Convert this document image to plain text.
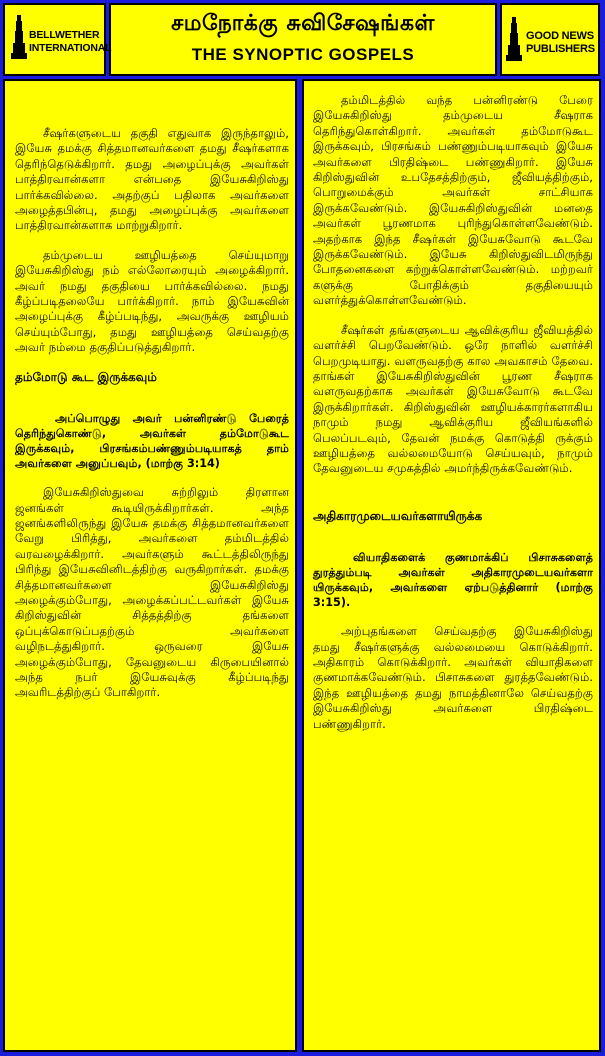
BELLWETHER
INTERNATIONAL
சமநோக்கு சுவிசேஷங்கள்
THE SYNOPTIC GOSPELS
GOOD NEWS
PUBLISHERS

சீஷர்களுடைய தகுதி எதுவாக இருந்தாலும், இயேசு தமக்கு சித்தமானவர்களை தமது சீஷர்களாக தெரிந்தெடுக்கிறார். தமது அழைப்புக்கு அவர்கள் பாத்திரவான்களா என்பதை இயேசுகிறிஸ்து பார்க்கவில்லை. அதற்குப் பதிலாக அவர்களை அழைத்தபின்பு, தமது அழைப்புக்கு அவர்களை பாத்திரவான்களாக மாற்றுகிறார்.

தம்முடைய ஊழியத்தை செய்யுமாறு இயேசுகிறிஸ்து நம் எல்லோரையும் அழைக்கிறார். அவர் நமது தகுதியை பார்க்கவில்லை. நமது கீழ்ப்படிதலையே பார்க்கிறார். நாம் இயேசுவின் அழைப்புக்கு கீழ்ப்படிந்து, அவருக்கு ஊழியம் செய்யும்போது, தமது ஊழியத்தை செய்வதற்கு அவர் நம்மை தகுதிப்படுத்துகிறார்.

தம்மோடு கூட இருக்கவும்

அப்பொழுது அவர் பன்னிரண்டு பேரைத் தெரிந்துகொண்டு, அவர்கள் தம்மோடுகூட இருக்கவும், பிரசங்கம்பண்ணும்படியாகத் தாம் அவர்களை அனுப்பவும், (மாற்கு 3:14)

இயேசுகிறிஸ்துவை சுற்றிலும் திரளான ஜனங்கள் கூடியிருக்கிறார்கள். அந்த ஜனங்களிலிருந்து இயேசு தமக்கு சித்தமானவர்களை வேறு பிரித்து, அவர்களை தம்மிடத்தில் வரவழைக்கிறார். அவர்களும் கூட்டத்திலிருந்து பிரிந்து இயேசுவினிடத்திற்கு வருகிறார்கள். தமக்கு சித்தமானவர்களை இயேசுகிறிஸ்து அழைக்கும்போது, அழைக்கப்பட்டவர்கள் இயேசு கிறிஸ்துவின் சித்தத்திற்கு தங்களை ஒப்புக்கொடுப்பதற்கும் அவர்களை வழிநடத்துகிறார். ஒருவரை இயேசு அழைக்கும்போது, தேவனுடைய கிருபையினால் அந்த நபர் இயேசுவுக்கு கீழ்ப்படிந்து அவரிடத்திற்குப் போகிறார்.

தம்மிடத்தில் வந்த பன்னிரண்டு பேரை இயேசுகிறிஸ்து தம்முடைய சீஷராக தெரிந்துகொள்கிறார். அவர்கள் தம்மோடுகூட இருக்கவும், பிரசங்கம் பண்ணும்படியாகவும் இயேசு அவர்களை பிரதிஷ்டை பண்ணுகிறார். இயேசு கிறிஸ்துவின் உபதேசத்திற்கும், ஜீவியத்திற்கும், பொறுமைக்கும் அவர்கள் சாட்சியாக இருக்கவேண்டும். இயேசுகிறிஸ்துவின் மனதை அவர்கள் பூரணமாக புரிந்துகொள்ளவேண்டும். அதற்காக இந்த சீஷர்கள் இயேசுவோடு கூடவே இருக்கவேண்டும். இயேசு கிறிஸ்துவிடமிருந்து போதனைகளை கற்றுக்கொள்ளவேண்டும். மற்றவர் களுக்கு போதிக்கும் தகுதியையும் வளர்த்துக்கொள்ளவேண்டும்.

சீஷர்கள் தங்களுடைய ஆவிக்குரிய ஜீவியத்தில் வளர்ச்சி பெறவேண்டும். ஒரே நாளில் வளர்ச்சி பெறமுடியாது. வளருவதற்கு கால அவகாசம் தேவை. தாங்கள் இயேசுகிறிஸ்துவின் பூரண சீஷராக வளருவதற்காக அவர்கள் இயேசுவோடு கூடவே இருக்கிறார்கள். கிறிஸ்துவின் ஊழியக்காரர்களாகிய நாமும் நமது ஆவிக்குரிய ஜீவியங்களில் பெலப்படவும், தேவன் நமக்கு கொடுத்தி ருக்கும் ஊழியத்தை வல்லமையோடு செய்யவும், நாமும் தேவனுடைய சமுகத்தில் அமர்ந்திருக்கவேண்டும்.

அதிகாரமுடையவர்களாயிருக்க

வியாதிகளைக் குணமாக்கிப் பிசாசுகளைத் துரத்தும்படி அவர்கள் அதிகாரமுடையவர்களா யிருக்கவும், அவர்களை ஏற்படுத்தினார் (மாற்கு 3:15).

அற்புதங்களை செய்வதற்கு இயேசுகிறிஸ்து தமது சீஷர்களுக்கு வல்லமையை கொடுக்கிறார். அதிகாரம் கொடுக்கிறார். அவர்கள் வியாதிகளை குணமாக்கவேண்டும். பிசாசுகளை துரத்தவேண்டும். இந்த ஊழியத்தை தமது நாமத்தினாலே செய்வதற்கு இயேசுகிறிஸ்து அவர்களை பிரதிஷ்டை பண்ணுகிறார்.
